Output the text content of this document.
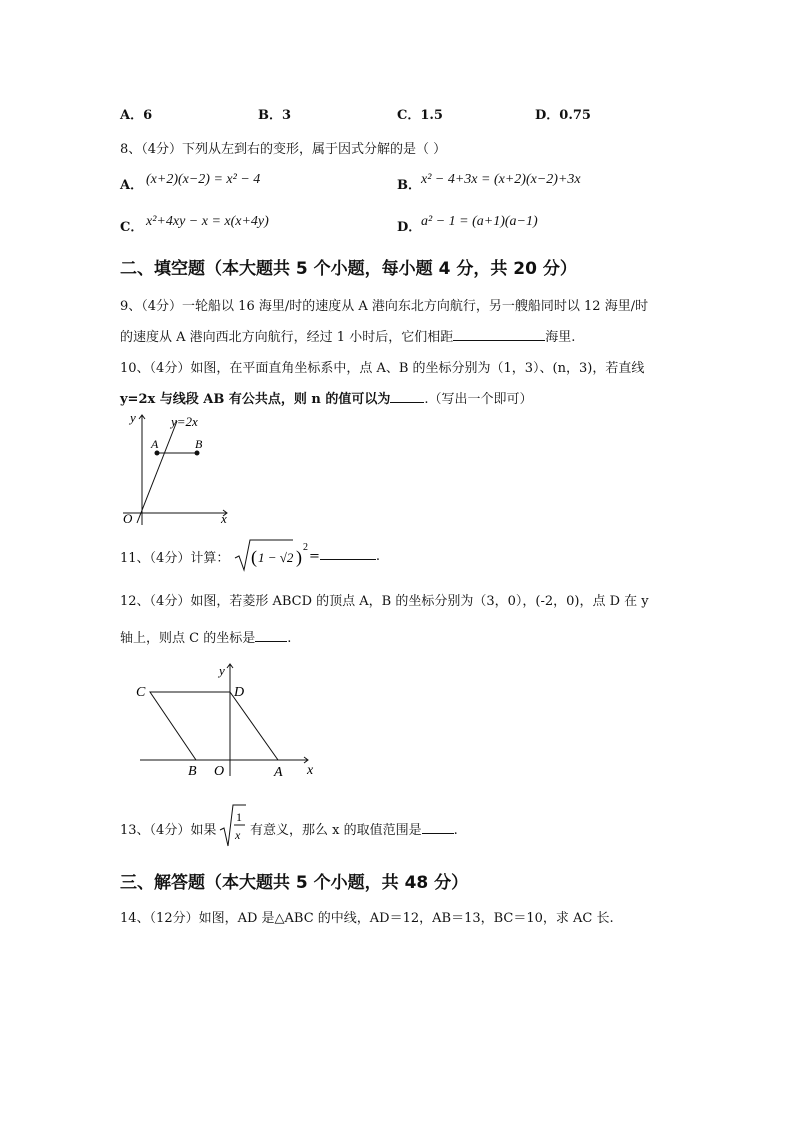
A．6	B．3	C．1.5	D．0.75
8、（4分）下列从左到右的变形，属于因式分解的是（ ）
A． (x+2)(x−2) = x² − 4	B． x² − 4+3x = (x+2)(x−2)+3x
C． x²+4xy − x = x(x+4y)	D． a² − 1 = (a+1)(a−1)
二、填空题（本大题共 5 个小题，每小题 4 分，共 20 分）
9、（4分）一轮船以 16 海里/时的速度从 A 港向东北方向航行，另一艘船同时以 12 海里/时
的速度从 A 港向西北方向航行，经过 1 小时后，它们相距	海里.
10、（4分）如图，在平面直角坐标系中，点 A、B 的坐标分别为（1，3）、(n，3)，若直线
y=2x 与线段 AB 有公共点，则 n 的值可以为	.（写出一个即可）
y	y=2x
A	B
O	x
11、（4分）计算： ( 1 − √2 ) 2
=	.
12、（4分）如图，若菱形 ABCD 的顶点 A，B 的坐标分别为（3，0），(-2，0)，点 D 在 y
轴上，则点 C 的坐标是 .
y
C	D
B O	A x
13、（4分）如果
1
x 有意义，那么 x 的取值范围是 .
三、解答题（本大题共 5 个小题，共 48 分）
14、（12分）如图，AD 是△ABC 的中线，AD＝12，AB＝13，BC＝10，求 AC 长.
